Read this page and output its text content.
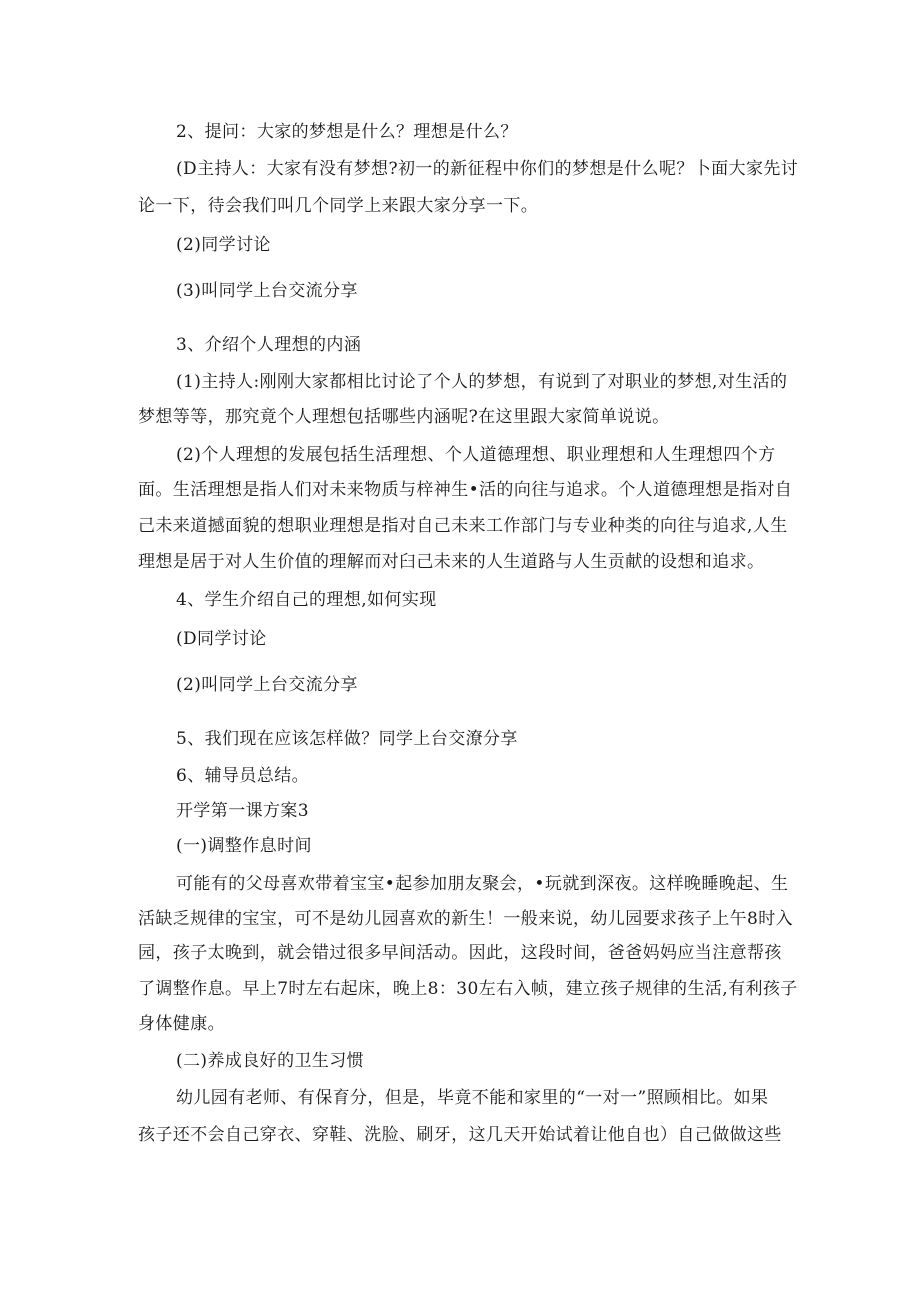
2、提问：大家的梦想是什么？理想是什么？
(D主持人：大家有没有梦想?初一的新征程中你们的梦想是什么呢？卜面大家先讨
论一下，待会我们叫几个同学上来跟大家分享一下。
(2)同学讨论
(3)叫同学上台交流分享
3、介绍个人理想的内涵
(1)主持人:刚刚大家都相比讨论了个人的梦想，有说到了对职业的梦想,对生活的
梦想等等，那究竟个人理想包括哪些内涵呢?在这里跟大家简单说说。
(2)个人理想的发展包括生活理想、个人道德理想、职业理想和人生理想四个方
面。生活理想是指人们对未来物质与梓神生•活的向往与追求。个人道德理想是指对自
己未来道撼面貌的想职业理想是指对自己未来工作部门与专业种类的向往与追求,人生
理想是居于对人生价值的理解而对臼己未来的人生道路与人生贡献的设想和追求。
4、学生介绍自己的理想,如何实现
(D同学讨论
(2)叫同学上台交流分享
5、我们现在应该怎样做？同学上台交潦分享
6、辅导员总结。
开学第一课方案3
(一)调整作息时间
可能有的父母喜欢带着宝宝•起参加朋友聚会，•玩就到深夜。这样晚睡晚起、生
活缺乏规律的宝宝，可不是幼儿园喜欢的新生！一般来说，幼儿园要求孩子上午8时入
园，孩子太晚到，就会错过很多早间活动。因此，这段时间，爸爸妈妈应当注意帮孩
了调整作息。早上7时左右起床，晚上8：30左右入帧，建立孩子规律的生活,有利孩子
身体健康。
(二)养成良好的卫生习惯
幼儿园有老师、有保育分，但是，毕竟不能和家里的“一对一”照顾相比。如果
孩子还不会自己穿衣、穿鞋、洗脸、刷牙，这几天开始试着让他自也）自己做做这些
